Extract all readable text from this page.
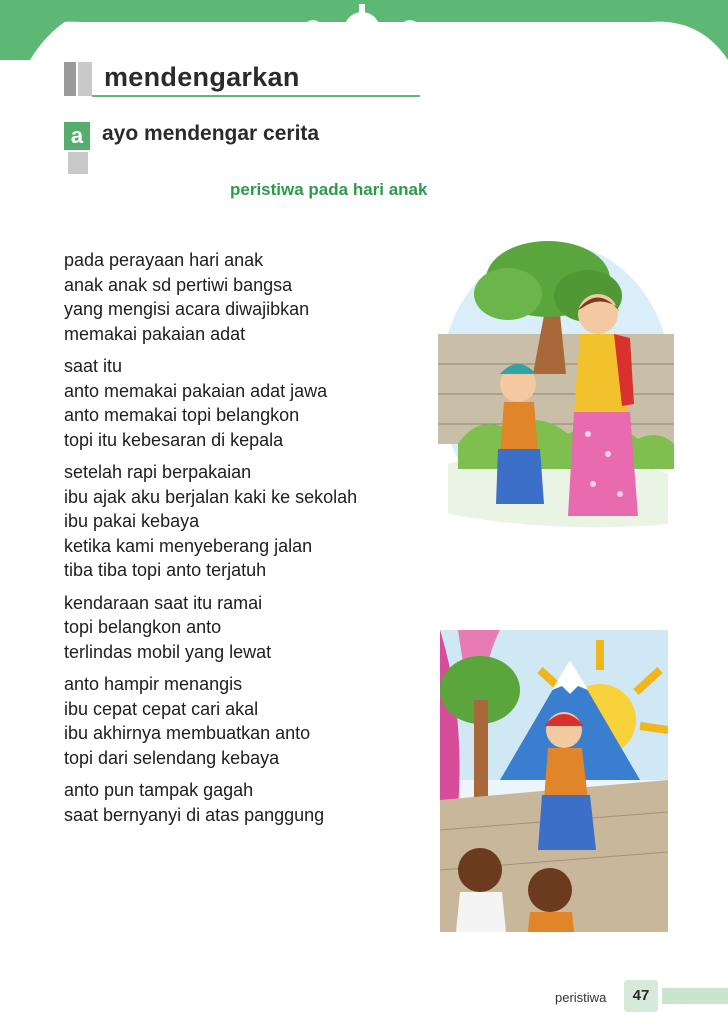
mendengarkan
a ayo mendengar cerita
peristiwa pada hari anak
pada perayaan hari anak
anak anak sd pertiwi bangsa
yang mengisi acara diwajibkan
memakai pakaian adat
saat itu
anto memakai pakaian adat jawa
anto memakai topi belangkon
topi itu kebesaran di kepala
setelah rapi berpakaian
ibu ajak aku berjalan kaki ke sekolah
ibu pakai kebaya
ketika kami menyeberang jalan
tiba tiba topi anto terjatuh
kendaraan saat itu ramai
topi belangkon anto
terlindas mobil yang lewat
anto hampir menangis
ibu cepat cepat cari akal
ibu akhirnya membuatkan anto
topi dari selendang kebaya
anto pun tampak gagah
saat bernyanyi di atas panggung
peristiwa	47
